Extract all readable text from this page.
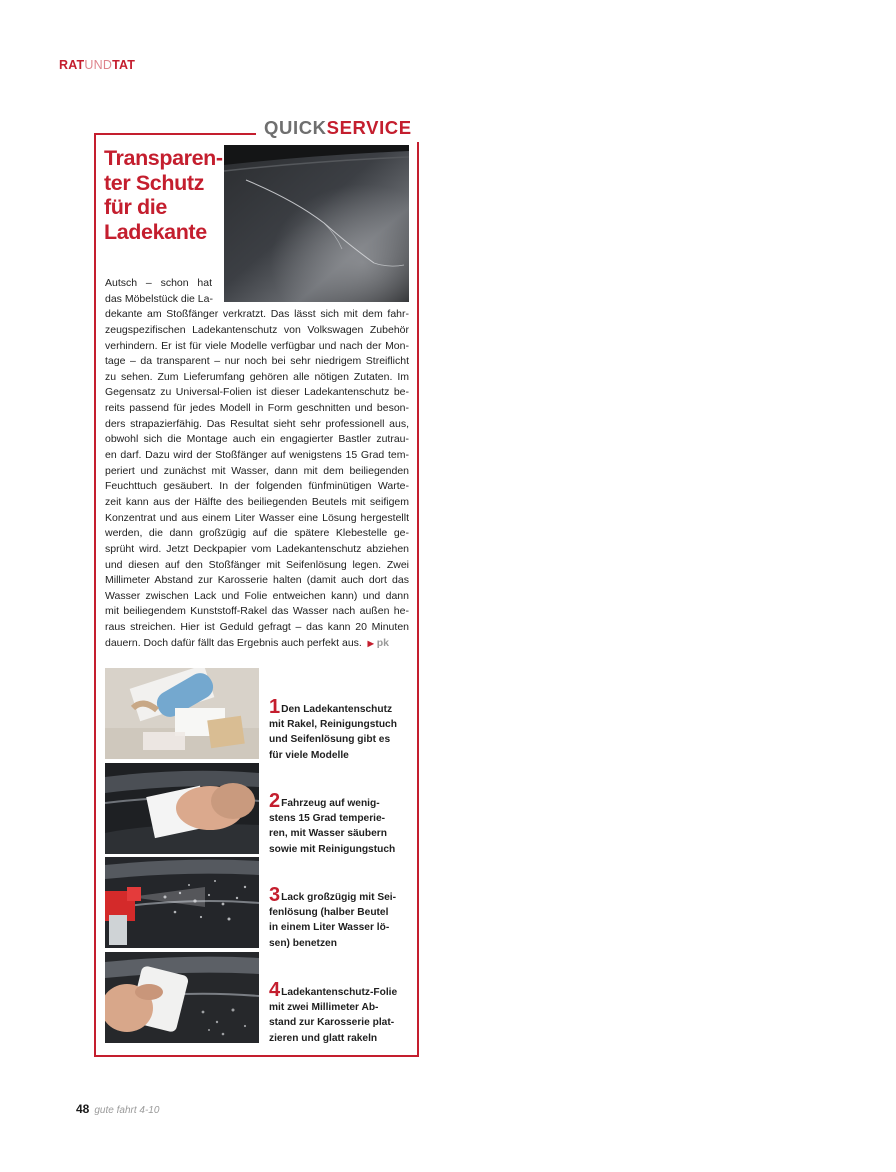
RATUNDTAT
QUICKSERVICE
Transparen-
ter Schutz
für die
Ladekante
Autsch – schon hat
das Möbelstück die La-
dekante am Stoßfänger verkratzt. Das lässt sich mit dem fahr-
zeugspezifischen Ladekantenschutz von Volkswagen Zubehör
verhindern. Er ist für viele Modelle verfügbar und nach der Mon-
tage – da transparent – nur noch bei sehr niedrigem Streiflicht
zu sehen. Zum Lieferumfang gehören alle nötigen Zutaten. Im
Gegensatz zu Universal-Folien ist dieser Ladekantenschutz be-
reits passend für jedes Modell in Form geschnitten und beson-
ders strapazierfähig. Das Resultat sieht sehr professionell aus,
obwohl sich die Montage auch ein engagierter Bastler zutrau-
en darf. Dazu wird der Stoßfänger auf wenigstens 15 Grad tem-
periert und zunächst mit Wasser, dann mit dem beiliegenden
Feuchttuch gesäubert. In der folgenden fünfminütigen Warte-
zeit kann aus der Hälfte des beiliegenden Beutels mit seifigem
Konzentrat und aus einem Liter Wasser eine Lösung hergestellt
werden, die dann großzügig auf die spätere Klebestelle ge-
sprüht wird. Jetzt Deckpapier vom Ladekantenschutz abziehen
und diesen auf den Stoßfänger mit Seifenlösung legen. Zwei
Millimeter Abstand zur Karosserie halten (damit auch dort das
Wasser zwischen Lack und Folie entweichen kann) und dann
mit beiliegendem Kunststoff-Rakel das Wasser nach außen he-
raus streichen. Hier ist Geduld gefragt – das kann 20 Minuten
dauern. Doch dafür fällt das Ergebnis auch perfekt aus. ▶ pk
1Den Ladekantenschutz
mit Rakel, Reinigungstuch
und Seifenlösung gibt es
für viele Modelle
2Fahrzeug auf wenig-
stens 15 Grad temperie-
ren, mit Wasser säubern
sowie mit Reinigungstuch
3Lack großzügig mit Sei-
fenlösung (halber Beutel
in einem Liter Wasser lö-
sen) benetzen
4Ladekantenschutz-Folie
mit zwei Millimeter Ab-
stand zur Karosserie plat-
zieren und glatt rakeln
48 gute fahrt 4-10
